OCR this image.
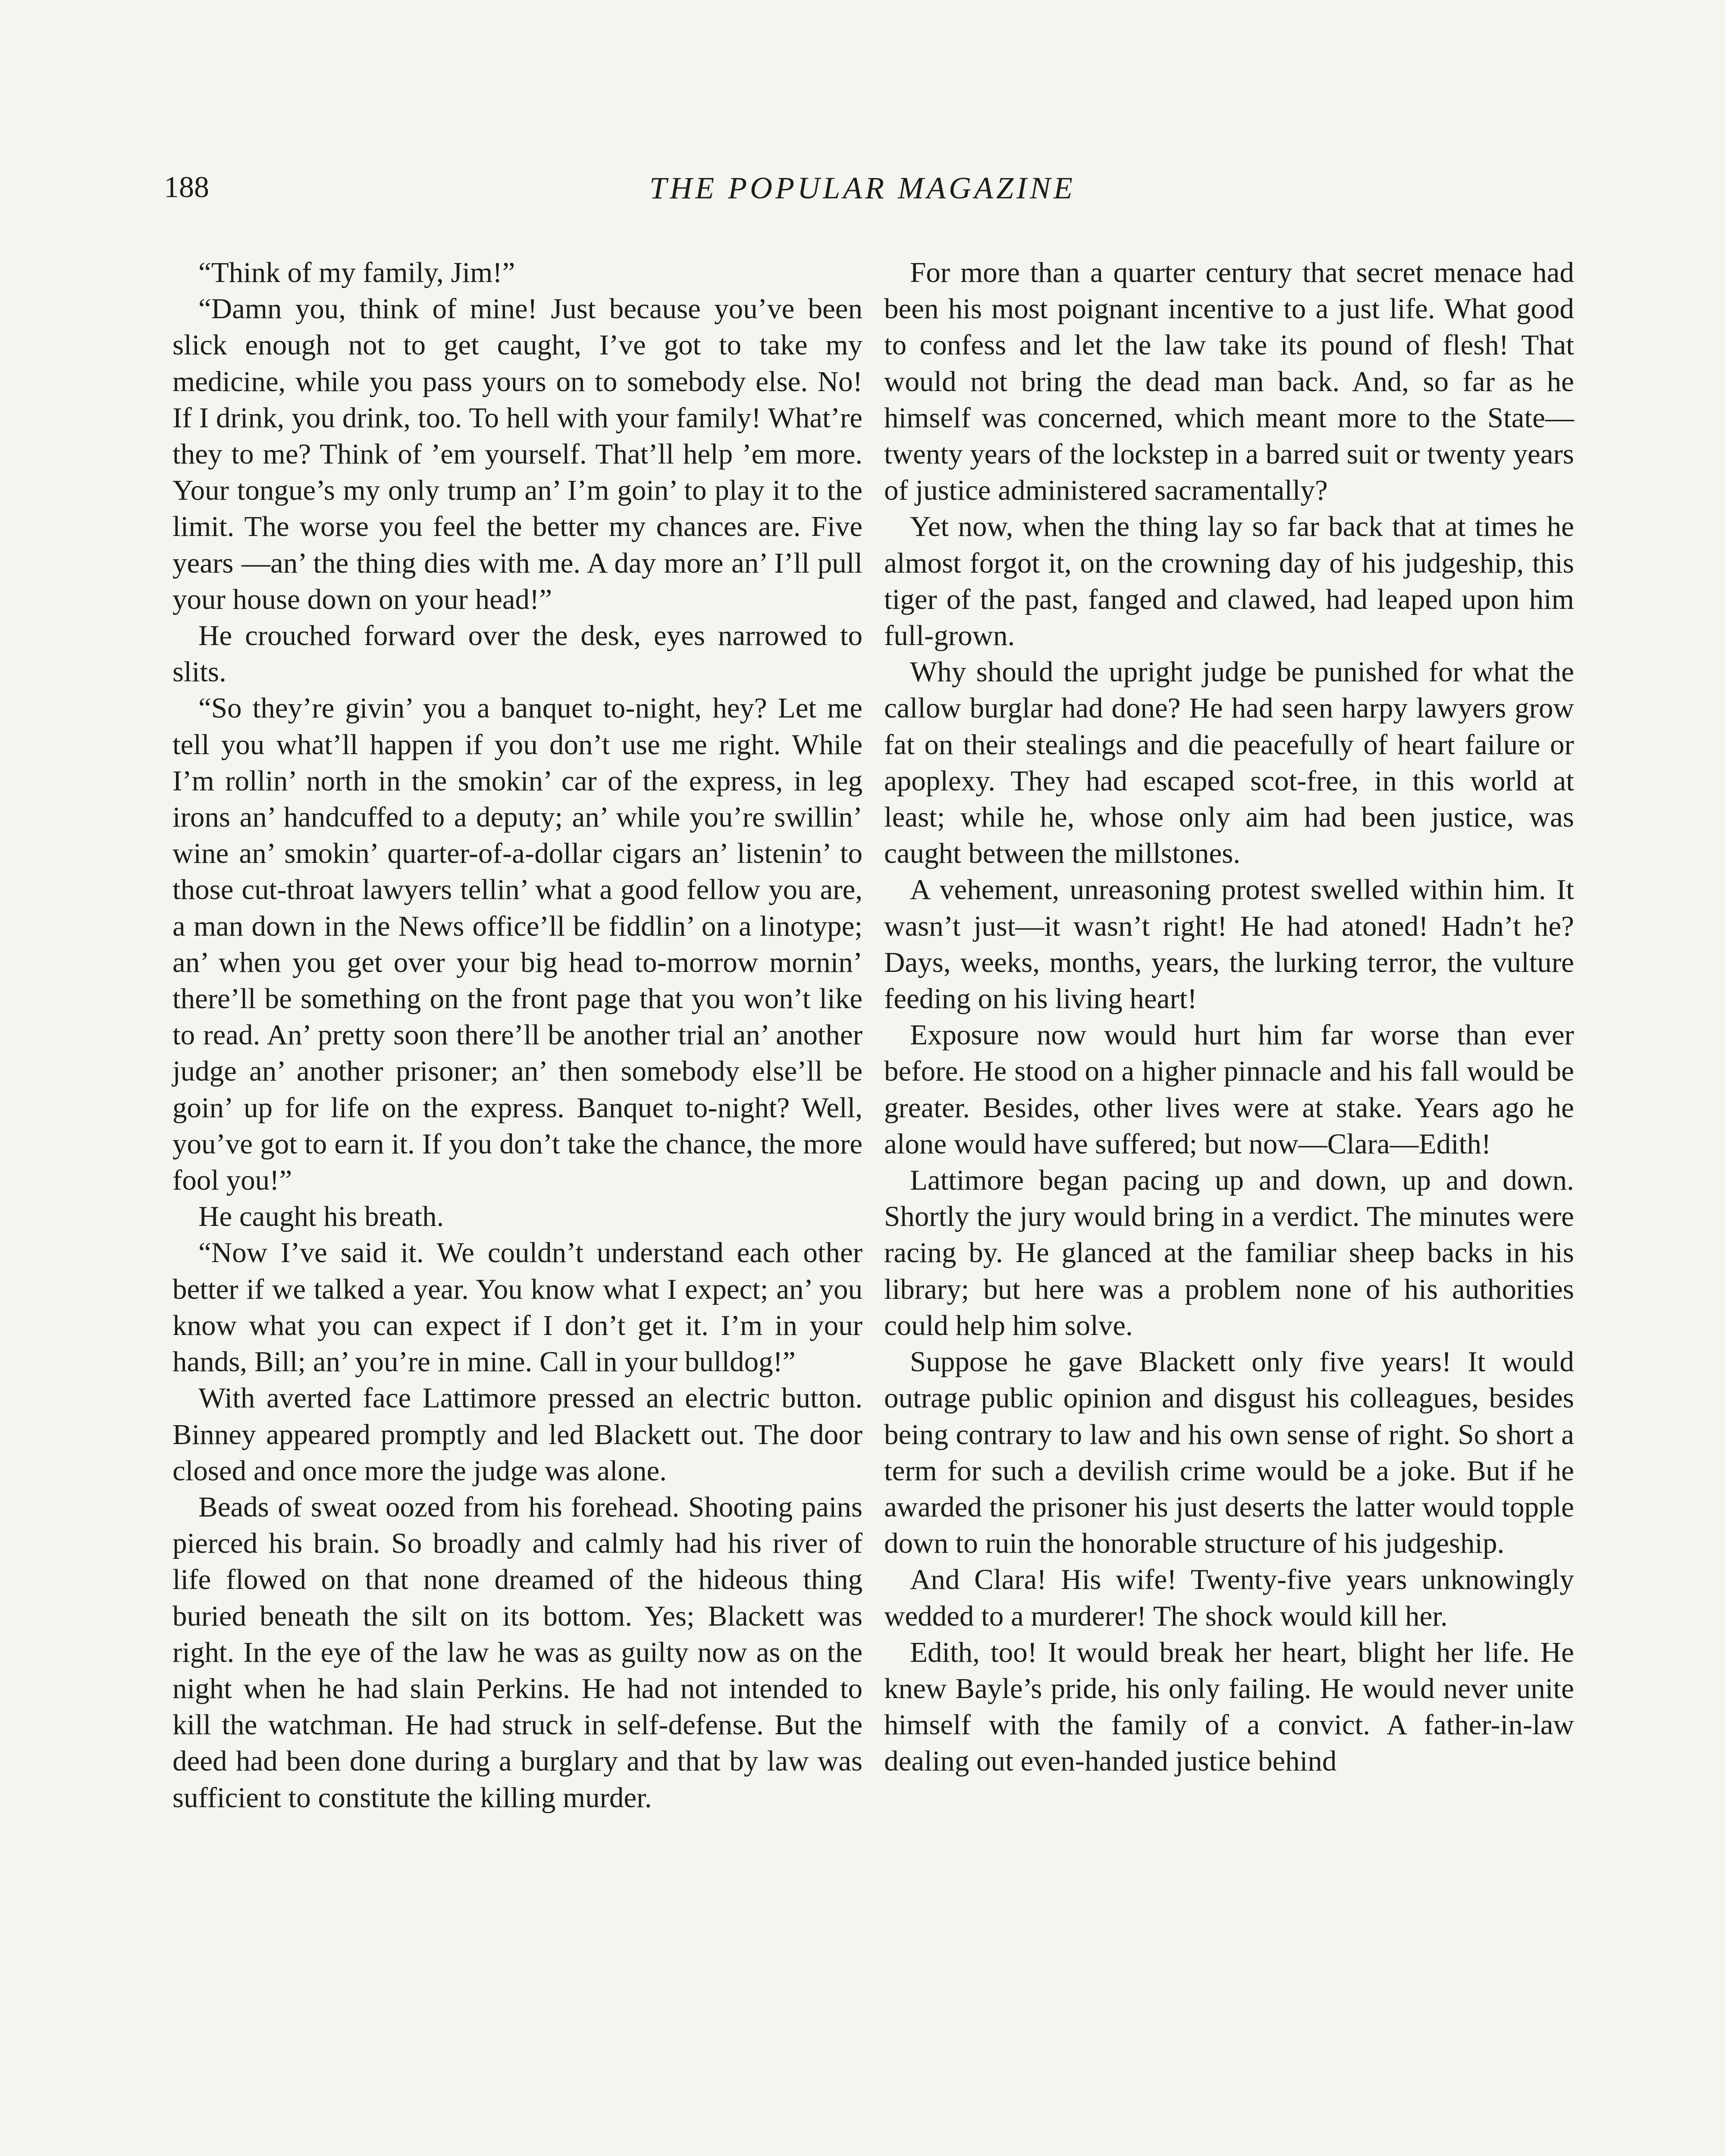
188	THE POPULAR MAGAZINE

“Think of my family, Jim!”

“Damn you, think of mine! Just because you’ve been slick enough not to get caught, I’ve got to take my medicine, while you pass yours on to somebody else. No! If I drink, you drink, too. To hell with your family! What’re they to me? Think of ’em yourself. That’ll help ’em more. Your tongue’s my only trump an’ I’m goin’ to play it to the limit. The worse you feel the better my chances are. Five years —an’ the thing dies with me. A day more an’ I’ll pull your house down on your head!”

He crouched forward over the desk, eyes narrowed to slits.

“So they’re givin’ you a banquet to-night, hey? Let me tell you what’ll happen if you don’t use me right. While I’m rollin’ north in the smokin’ car of the express, in leg irons an’ handcuffed to a deputy; an’ while you’re swillin’ wine an’ smokin’ quarter-of-a-dollar cigars an’ listenin’ to those cut-throat lawyers tellin’ what a good fellow you are, a man down in the News office’ll be fiddlin’ on a linotype; an’ when you get over your big head to-morrow mornin’ there’ll be something on the front page that you won’t like to read. An’ pretty soon there’ll be another trial an’ another judge an’ another prisoner; an’ then somebody else’ll be goin’ up for life on the express. Banquet to-night? Well, you’ve got to earn it. If you don’t take the chance, the more fool you!”

He caught his breath.

“Now I’ve said it. We couldn’t understand each other better if we talked a year. You know what I expect; an’ you know what you can expect if I don’t get it. I’m in your hands, Bill; an’ you’re in mine. Call in your bulldog!”

With averted face Lattimore pressed an electric button. Binney appeared promptly and led Blackett out. The door closed and once more the judge was alone.

Beads of sweat oozed from his forehead. Shooting pains pierced his brain. So broadly and calmly had his river of life flowed on that none dreamed of the hideous thing buried beneath the silt on its bottom. Yes; Blackett was right. In the eye of the law he was as guilty now as on the night when he had slain Perkins. He had not intended to kill the watchman. He had struck in self-defense. But the deed had been done during a burglary and that by law was sufficient to constitute the killing murder.

For more than a quarter century that secret menace had been his most poignant incentive to a just life. What good to confess and let the law take its pound of flesh! That would not bring the dead man back. And, so far as he himself was concerned, which meant more to the State—twenty years of the lockstep in a barred suit or twenty years of justice administered sacramentally?

Yet now, when the thing lay so far back that at times he almost forgot it, on the crowning day of his judgeship, this tiger of the past, fanged and clawed, had leaped upon him full-grown.

Why should the upright judge be punished for what the callow burglar had done? He had seen harpy lawyers grow fat on their stealings and die peacefully of heart failure or apoplexy. They had escaped scot-free, in this world at least; while he, whose only aim had been justice, was caught between the millstones.

A vehement, unreasoning protest swelled within him. It wasn’t just—it wasn’t right! He had atoned! Hadn’t he? Days, weeks, months, years, the lurking terror, the vulture feeding on his living heart!

Exposure now would hurt him far worse than ever before. He stood on a higher pinnacle and his fall would be greater. Besides, other lives were at stake. Years ago he alone would have suffered; but now—Clara—Edith!

Lattimore began pacing up and down, up and down. Shortly the jury would bring in a verdict. The minutes were racing by. He glanced at the familiar sheep backs in his library; but here was a problem none of his authorities could help him solve.

Suppose he gave Blackett only five years! It would outrage public opinion and disgust his colleagues, besides being contrary to law and his own sense of right. So short a term for such a devilish crime would be a joke. But if he awarded the prisoner his just deserts the latter would topple down to ruin the honorable structure of his judgeship.

And Clara! His wife! Twenty-five years unknowingly wedded to a murderer! The shock would kill her.

Edith, too! It would break her heart, blight her life. He knew Bayle’s pride, his only failing. He would never unite himself with the family of a convict. A father-in-law dealing out even-handed justice behind
